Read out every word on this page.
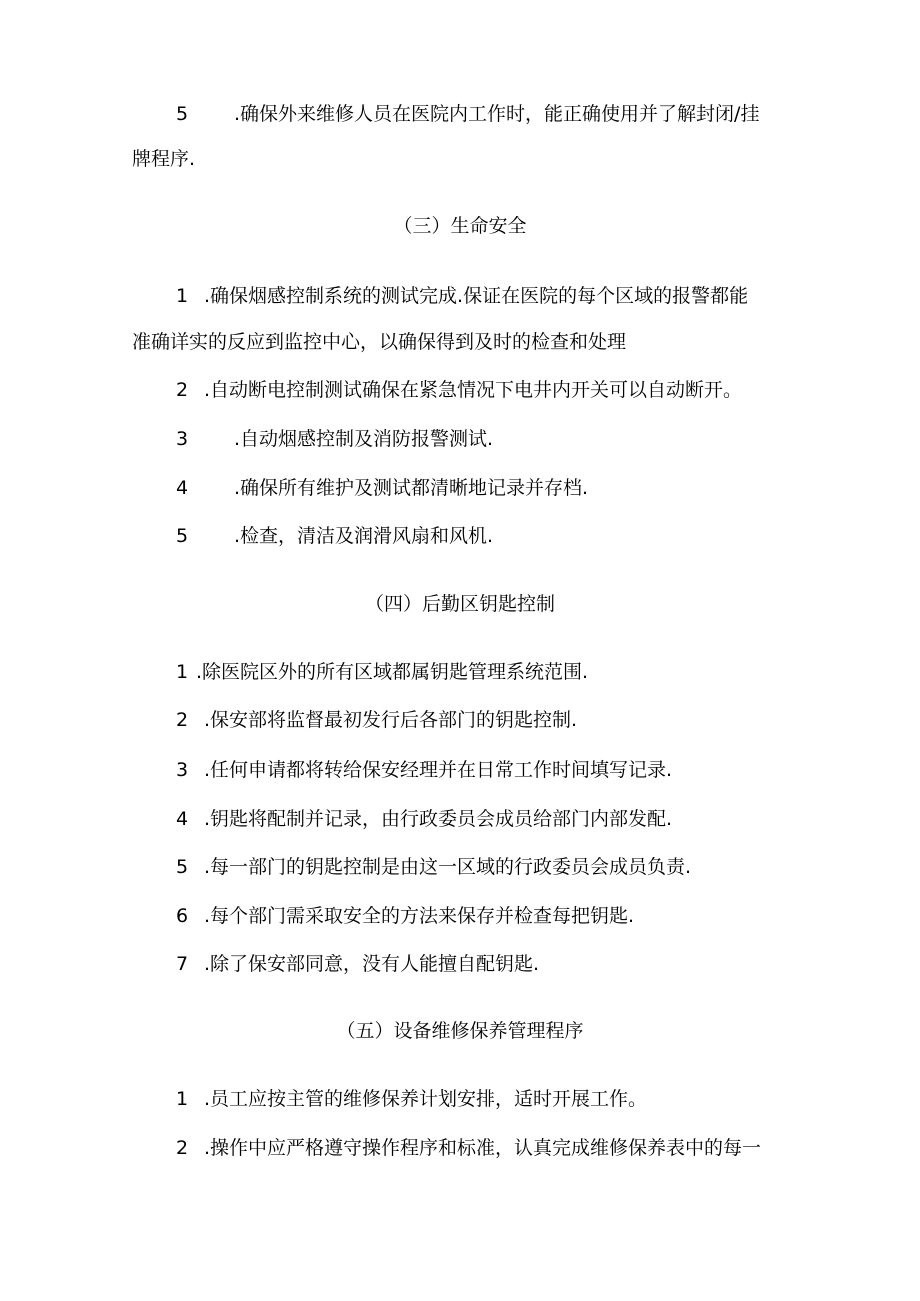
5 .确保外来维修人员在医院内工作时，能正确使用并了解封闭/挂
牌程序.
（三）生命安全
1 .确保烟感控制系统的测试完成.保证在医院的每个区域的报警都能
准确详实的反应到监控中心，以确保得到及时的检查和处理
2 .自动断电控制测试确保在紧急情况下电井内开关可以自动断开。
3 .自动烟感控制及消防报警测试.
4 .确保所有维护及测试都清晰地记录并存档.
5 .检查，清洁及润滑风扇和风机.
（四）后勤区钥匙控制
1 .除医院区外的所有区域都属钥匙管理系统范围.
2 .保安部将监督最初发行后各部门的钥匙控制.
3 .任何申请都将转给保安经理并在日常工作时间填写记录.
4 .钥匙将配制并记录，由行政委员会成员给部门内部发配.
5 .每一部门的钥匙控制是由这一区域的行政委员会成员负责.
6 .每个部门需采取安全的方法来保存并检查每把钥匙.
7 .除了保安部同意，没有人能擅自配钥匙.
（五）设备维修保养管理程序
1 .员工应按主管的维修保养计划安排，适时开展工作。
2 .操作中应严格遵守操作程序和标准，认真完成维修保养表中的每一
